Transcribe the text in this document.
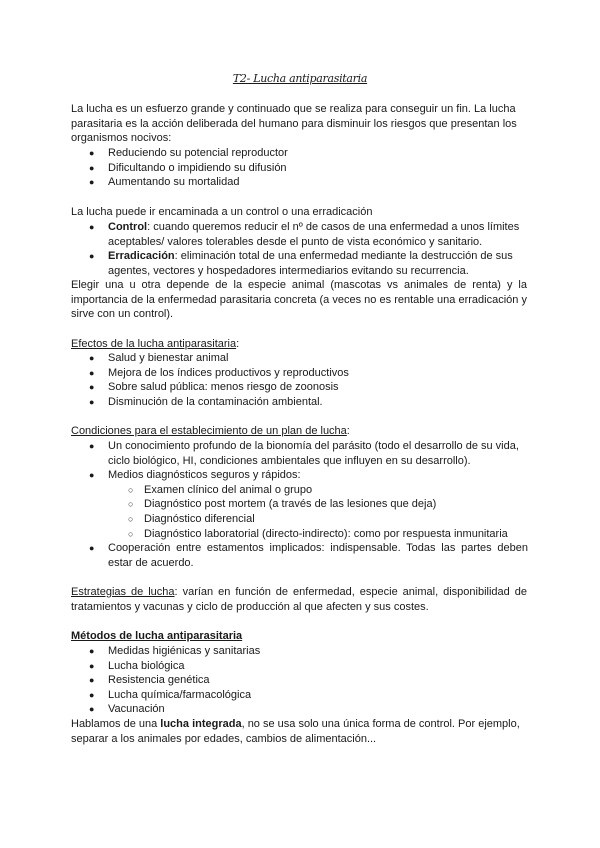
T2- Lucha antiparasitaria
La lucha es un esfuerzo grande y continuado que se realiza para conseguir un fin. La lucha parasitaria es la acción deliberada del humano para disminuir los riesgos que presentan los organismos nocivos:
● Reduciendo su potencial reproductor
● Dificultando o impidiendo su difusión
● Aumentando su mortalidad
La lucha puede ir encaminada a un control o una erradicación
● Control: cuando queremos reducir el nº de casos de una enfermedad a unos límites aceptables/ valores tolerables desde el punto de vista económico y sanitario.
● Erradicación: eliminación total de una enfermedad mediante la destrucción de sus agentes, vectores y hospedadores intermediarios evitando su recurrencia.
Elegir una u otra depende de la especie animal (mascotas vs animales de renta) y la importancia de la enfermedad parasitaria concreta (a veces no es rentable una erradicación y sirve con un control).
Efectos de la lucha antiparasitaria:
● Salud y bienestar animal
● Mejora de los índices productivos y reproductivos
● Sobre salud pública: menos riesgo de zoonosis
● Disminución de la contaminación ambiental.
Condiciones para el establecimiento de un plan de lucha:
● Un conocimiento profundo de la bionomía del parásito (todo el desarrollo de su vida, ciclo biológico, HI, condiciones ambientales que influyen en su desarrollo).
● Medios diagnósticos seguros y rápidos:
○ Examen clínico del animal o grupo
○ Diagnóstico post mortem (a través de las lesiones que deja)
○ Diagnóstico diferencial
○ Diagnóstico laboratorial (directo-indirecto): como por respuesta inmunitaria
● Cooperación entre estamentos implicados: indispensable. Todas las partes deben estar de acuerdo.
Estrategias de lucha: varían en función de enfermedad, especie animal, disponibilidad de tratamientos y vacunas y ciclo de producción al que afecten y sus costes.
Métodos de lucha antiparasitaria
● Medidas higiénicas y sanitarias
● Lucha biológica
● Resistencia genética
● Lucha química/farmacológica
● Vacunación
Hablamos de una lucha integrada, no se usa solo una única forma de control. Por ejemplo, separar a los animales por edades, cambios de alimentación...
